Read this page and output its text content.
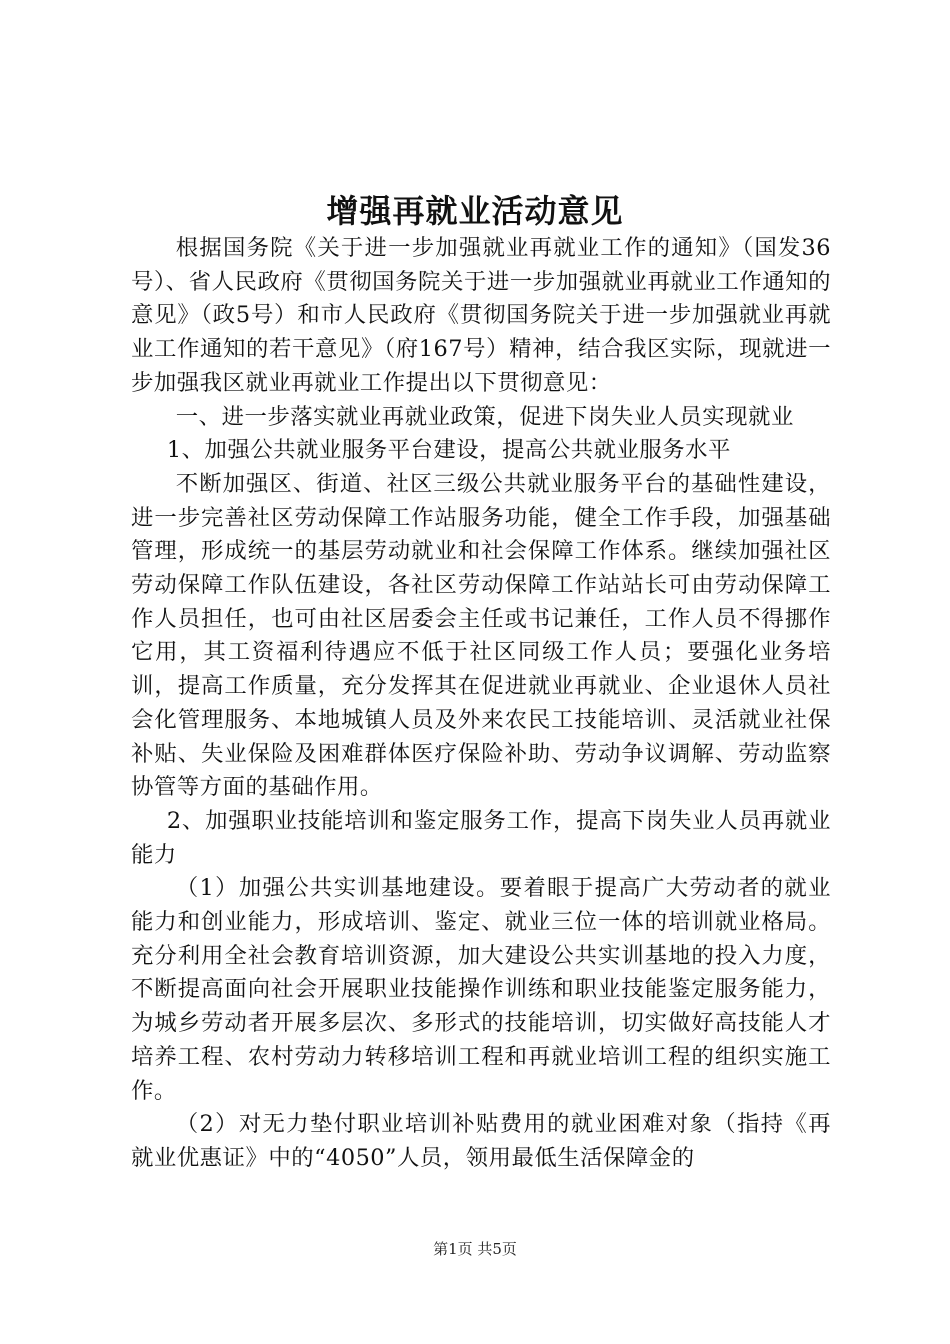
增强再就业活动意见

根据国务院《关于进一步加强就业再就业工作的通知》（国发36号）、省人民政府《贯彻国务院关于进一步加强就业再就业工作通知的意见》（政5号）和市人民政府《贯彻国务院关于进一步加强就业再就业工作通知的若干意见》（府167号）精神，结合我区实际，现就进一步加强我区就业再就业工作提出以下贯彻意见：

一、进一步落实就业再就业政策，促进下岗失业人员实现就业

1、加强公共就业服务平台建设，提高公共就业服务水平

不断加强区、街道、社区三级公共就业服务平台的基础性建设，进一步完善社区劳动保障工作站服务功能，健全工作手段，加强基础管理，形成统一的基层劳动就业和社会保障工作体系。继续加强社区劳动保障工作队伍建设，各社区劳动保障工作站站长可由劳动保障工作人员担任，也可由社区居委会主任或书记兼任，工作人员不得挪作它用，其工资福利待遇应不低于社区同级工作人员；要强化业务培训，提高工作质量，充分发挥其在促进就业再就业、企业退休人员社会化管理服务、本地城镇人员及外来农民工技能培训、灵活就业社保补贴、失业保险及困难群体医疗保险补助、劳动争议调解、劳动监察协管等方面的基础作用。

2、加强职业技能培训和鉴定服务工作，提高下岗失业人员再就业能力

（1）加强公共实训基地建设。要着眼于提高广大劳动者的就业能力和创业能力，形成培训、鉴定、就业三位一体的培训就业格局。充分利用全社会教育培训资源，加大建设公共实训基地的投入力度，不断提高面向社会开展职业技能操作训练和职业技能鉴定服务能力，为城乡劳动者开展多层次、多形式的技能培训，切实做好高技能人才培养工程、农村劳动力转移培训工程和再就业培训工程的组织实施工作。

（2）对无力垫付职业培训补贴费用的就业困难对象（指持《再就业优惠证》中的“4050”人员，领用最低生活保障金的

第1页 共5页
